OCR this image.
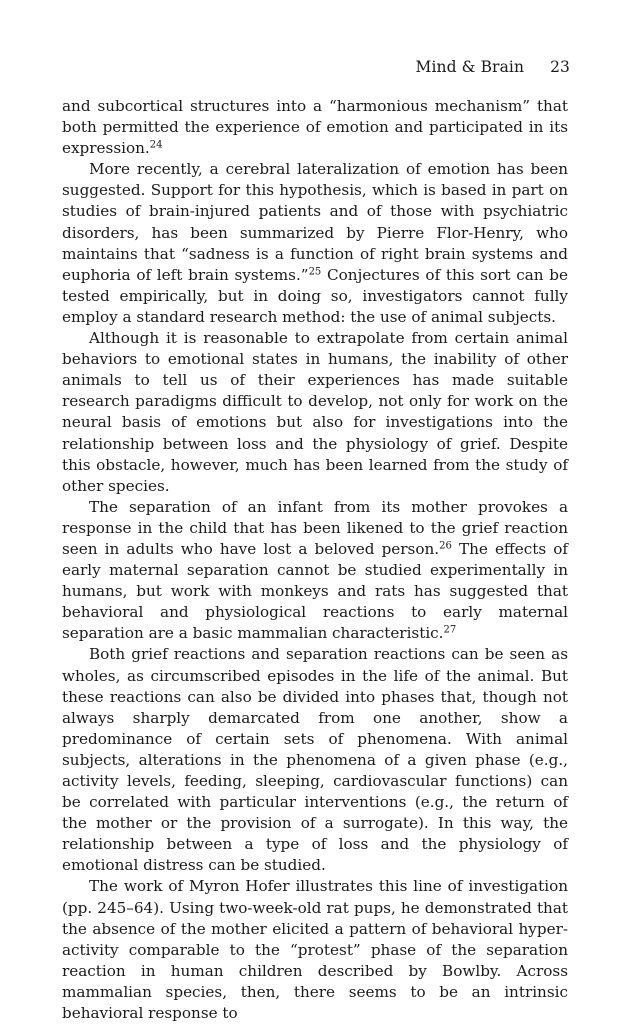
Mind & Brain 23

and subcortical structures into a “harmonious mechanism” that both permitted the experience of emotion and participated in its expression.$^{24}$

More recently, a cerebral lateralization of emotion has been suggested. Support for this hypothesis, which is based in part on studies of brain-injured patients and of those with psychiatric disorders, has been summarized by Pierre Flor-Henry, who maintains that “sadness is a function of right brain systems and euphoria of left brain systems.”$^{25}$ Conjectures of this sort can be tested empirically, but in doing so, investigators cannot fully employ a standard research method: the use of animal subjects.

Although it is reasonable to extrapolate from certain animal behaviors to emotional states in humans, the inability of other animals to tell us of their experiences has made suitable research paradigms difficult to develop, not only for work on the neural basis of emotions but also for investigations into the relationship between loss and the physiology of grief. Despite this obstacle, however, much has been learned from the study of other species.

The separation of an infant from its mother provokes a response in the child that has been likened to the grief reaction seen in adults who have lost a beloved person.$^{26}$ The effects of early maternal separation cannot be studied experimentally in humans, but work with monkeys and rats has suggested that behavioral and physiological reactions to early maternal separation are a basic mammalian characteristic.$^{27}$

Both grief reactions and separation reactions can be seen as wholes, as circumscribed episodes in the life of the animal. But these reactions can also be divided into phases that, though not always sharply demarcated from one another, show a predominance of certain sets of phenomena. With animal subjects, alterations in the phenomena of a given phase (e.g., activity levels, feeding, sleeping, cardiovascular functions) can be correlated with particular interventions (e.g., the return of the mother or the provision of a surrogate). In this way, the relationship between a type of loss and the physiology of emotional distress can be studied.

The work of Myron Hofer illustrates this line of investigation (pp. 245–64). Using two-week-old rat pups, he demonstrated that the absence of the mother elicited a pattern of behavioral hyperactivity comparable to the “protest” phase of the separation reaction in human children described by Bowlby. Across mammalian species, then, there seems to be an intrinsic behavioral response to
